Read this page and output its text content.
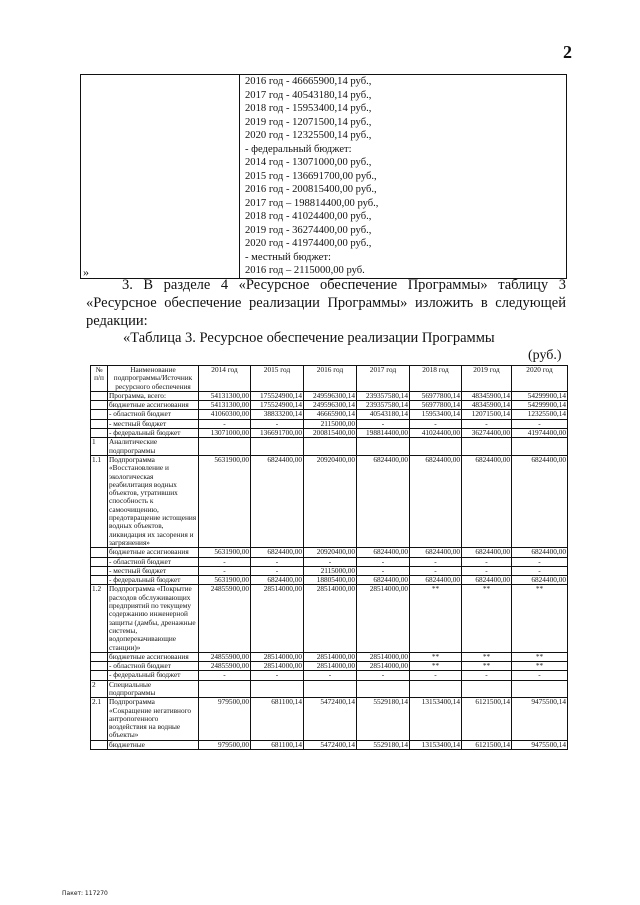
2

2016 год - 46665900,14 руб.,
2017 год - 40543180,14 руб.,
2018 год - 15953400,14 руб.,
2019 год - 12071500,14 руб.,
2020 год - 12325500,14 руб.,
- федеральный бюджет:
2014 год - 13071000,00 руб.,
2015 год - 136691700,00 руб.,
2016 год - 200815400,00 руб.,
2017 год – 198814400,00 руб.,
2018 год - 41024400,00 руб.,
2019 год - 36274400,00 руб.,
2020 год - 41974400,00 руб.,
- местный бюджет:
2016 год – 2115000,00 руб.
»
3. В разделе 4 «Ресурсное обеспечение Программы» таблицу 3 «Ресурсное обеспечение реализации Программы» изложить в следующей редакции:
«Таблица 3. Ресурсное обеспечение реализации Программы
(руб.)
№ п/п	Наименование подпрограммы/Источник ресурсного обеспечения	2014 год	2015 год	2016 год	2017 год	2018 год	2019 год	2020 год
	Программа, всего:	54131300,00	175524900,14	249596300,14	239357580,14	56977800,14	48345900,14	54299900,14
	бюджетные ассигнования	54131300,00	175524900,14	249596300,14	239357580,14	56977800,14	48345900,14	54299900,14
	- областной бюджет	41060300,00	38833200,14	46665900,14	40543180,14	15953400,14	12071500,14	12325500,14
	- местный бюджет	-	-	2115000,00	-	-	-	-
	- федеральный бюджет	13071000,00	136691700,00	200815400,00	198814400,00	41024400,00	36274400,00	41974400,00
1	Аналитические подпрограммы							
1.1	Подпрограмма «Восстановление и экологическая реабилитация водных объектов, утративших способность к самоочищению, предотвращение истощения водных объектов, ликвидация их засорения и загрязнения»	5631900,00	6824400,00	20920400,00	6824400,00	6824400,00	6824400,00	6824400,00
	бюджетные ассигнования	5631900,00	6824400,00	20920400,00	6824400,00	6824400,00	6824400,00	6824400,00
	- областной бюджет	-	-	-	-	-	-	-
	- местный бюджет	-	-	2115000,00	-	-	-	-
	- федеральный бюджет	5631900,00	6824400,00	18805400,00	6824400,00	6824400,00	6824400,00	6824400,00
1.2	Подпрограмма «Покрытие расходов обслуживающих предприятий по текущему содержанию инженерной защиты (дамбы, дренажные системы, водоперекачивающие станции)»	24855900,00	28514000,00	28514000,00	28514000,00	**	**	**
	бюджетные ассигнования	24855900,00	28514000,00	28514000,00	28514000,00	**	**	**
	- областной бюджет	24855900,00	28514000,00	28514000,00	28514000,00	**	**	**
	- федеральный бюджет	-	-	-	-	-	-	-
2	Специальные подпрограммы							
2.1	Подпрограмма «Сокращение негативного антропогенного воздействия на водные объекты»	979500,00	681100,14	5472400,14	5529180,14	13153400,14	6121500,14	9475500,14
	бюджетные	979500,00	681100,14	5472400,14	5529180,14	13153400,14	6121500,14	9475500,14
Пакет: 117270
